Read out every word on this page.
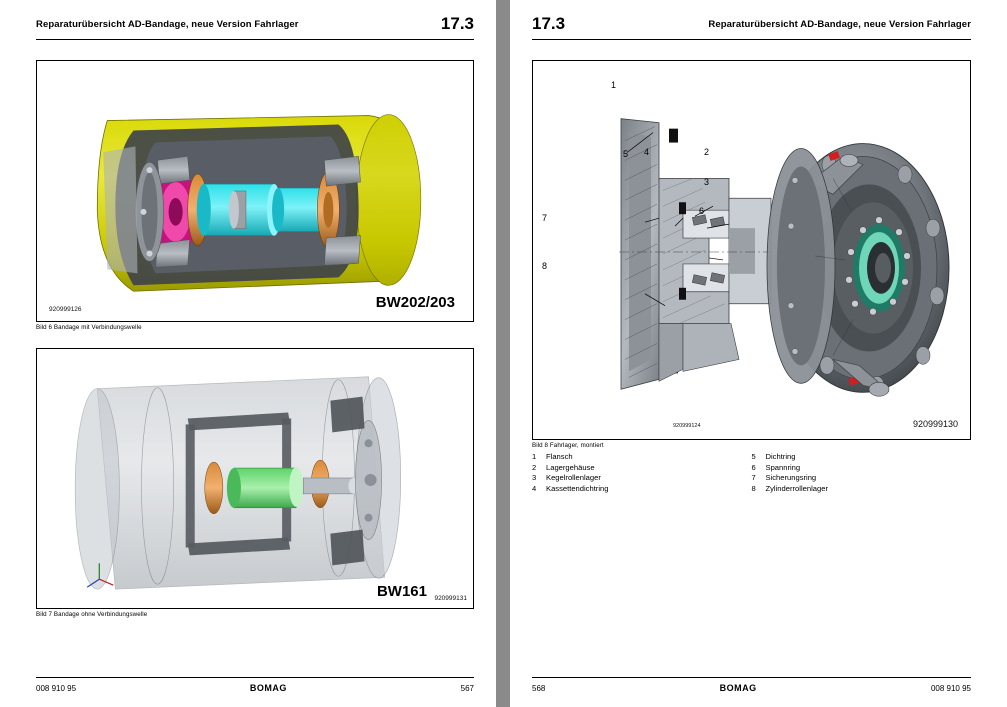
Reparaturübersicht AD-Bandage, neue Version Fahrlager	17.3
920999126	BW202/203
Bild 6 Bandage mit Verbindungswelle
BW161 920999131
Bild 7 Bandage ohne Verbindungswelle
008 910 95	BOMAG	567
17.3	Reparaturübersicht AD-Bandage, neue Version Fahrlager
1
2
3
4
5
6
7
8
920999124	920999130
Bild 8 Fahrlager, montiert
1	Flansch
2	Lagergehäuse
3	Kegelrollenlager
4	Kassettendichtring
5	Dichtring
6	Spannring
7	Sicherungsring
8	Zylinderrollenlager
568	BOMAG	008 910 95
